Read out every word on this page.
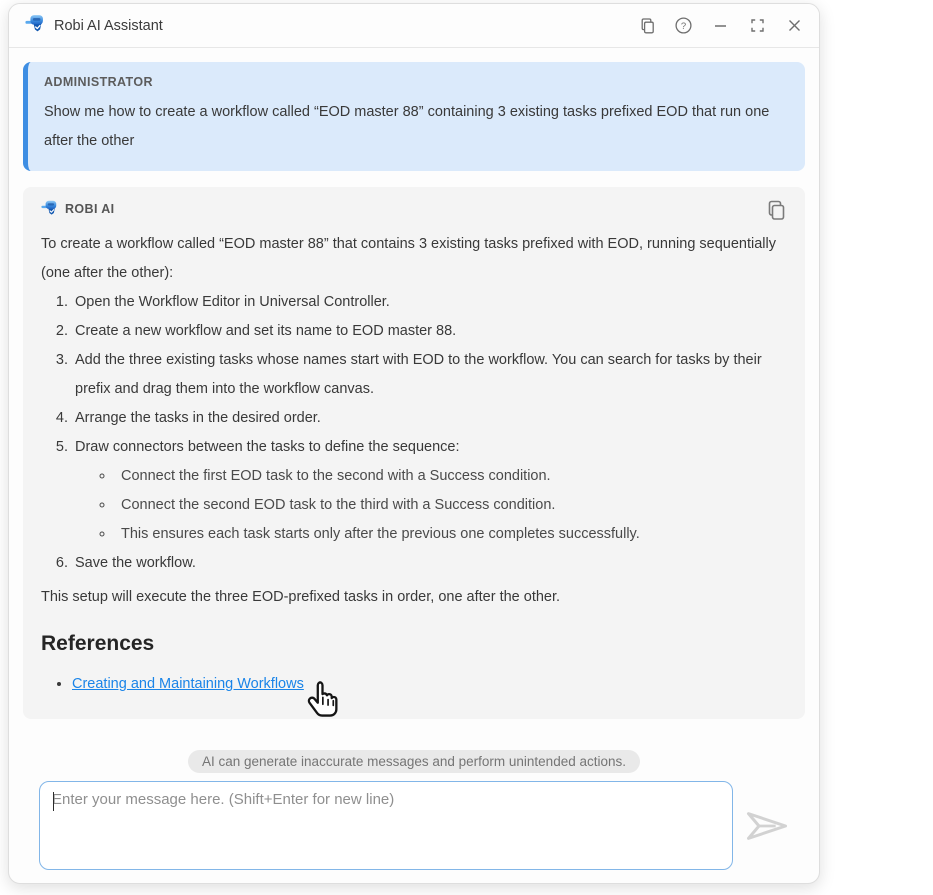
Robi AI Assistant	?
ADMINISTRATOR
Show me how to create a workflow called “EOD master 88” containing 3 existing tasks prefixed EOD that run one after the other
ROBI AI

To create a workflow called “EOD master 88” that contains 3 existing tasks prefixed with EOD, running sequentially (one after the other):

1. Open the Workflow Editor in Universal Controller.
2. Create a new workflow and set its name to EOD master 88.
3. Add the three existing tasks whose names start with EOD to the workflow. You can search for tasks by their prefix and drag them into the workflow canvas.
4. Arrange the tasks in the desired order.
5. Draw connectors between the tasks to define the sequence:
◦ Connect the first EOD task to the second with a Success condition.
◦ Connect the second EOD task to the third with a Success condition.
◦ This ensures each task starts only after the previous one completes successfully.
6. Save the workflow.

This setup will execute the three EOD-prefixed tasks in order, one after the other.

References
• Creating and Maintaining Workflows
AI can generate inaccurate messages and perform unintended actions.
Enter your message here. (Shift+Enter for new line)
